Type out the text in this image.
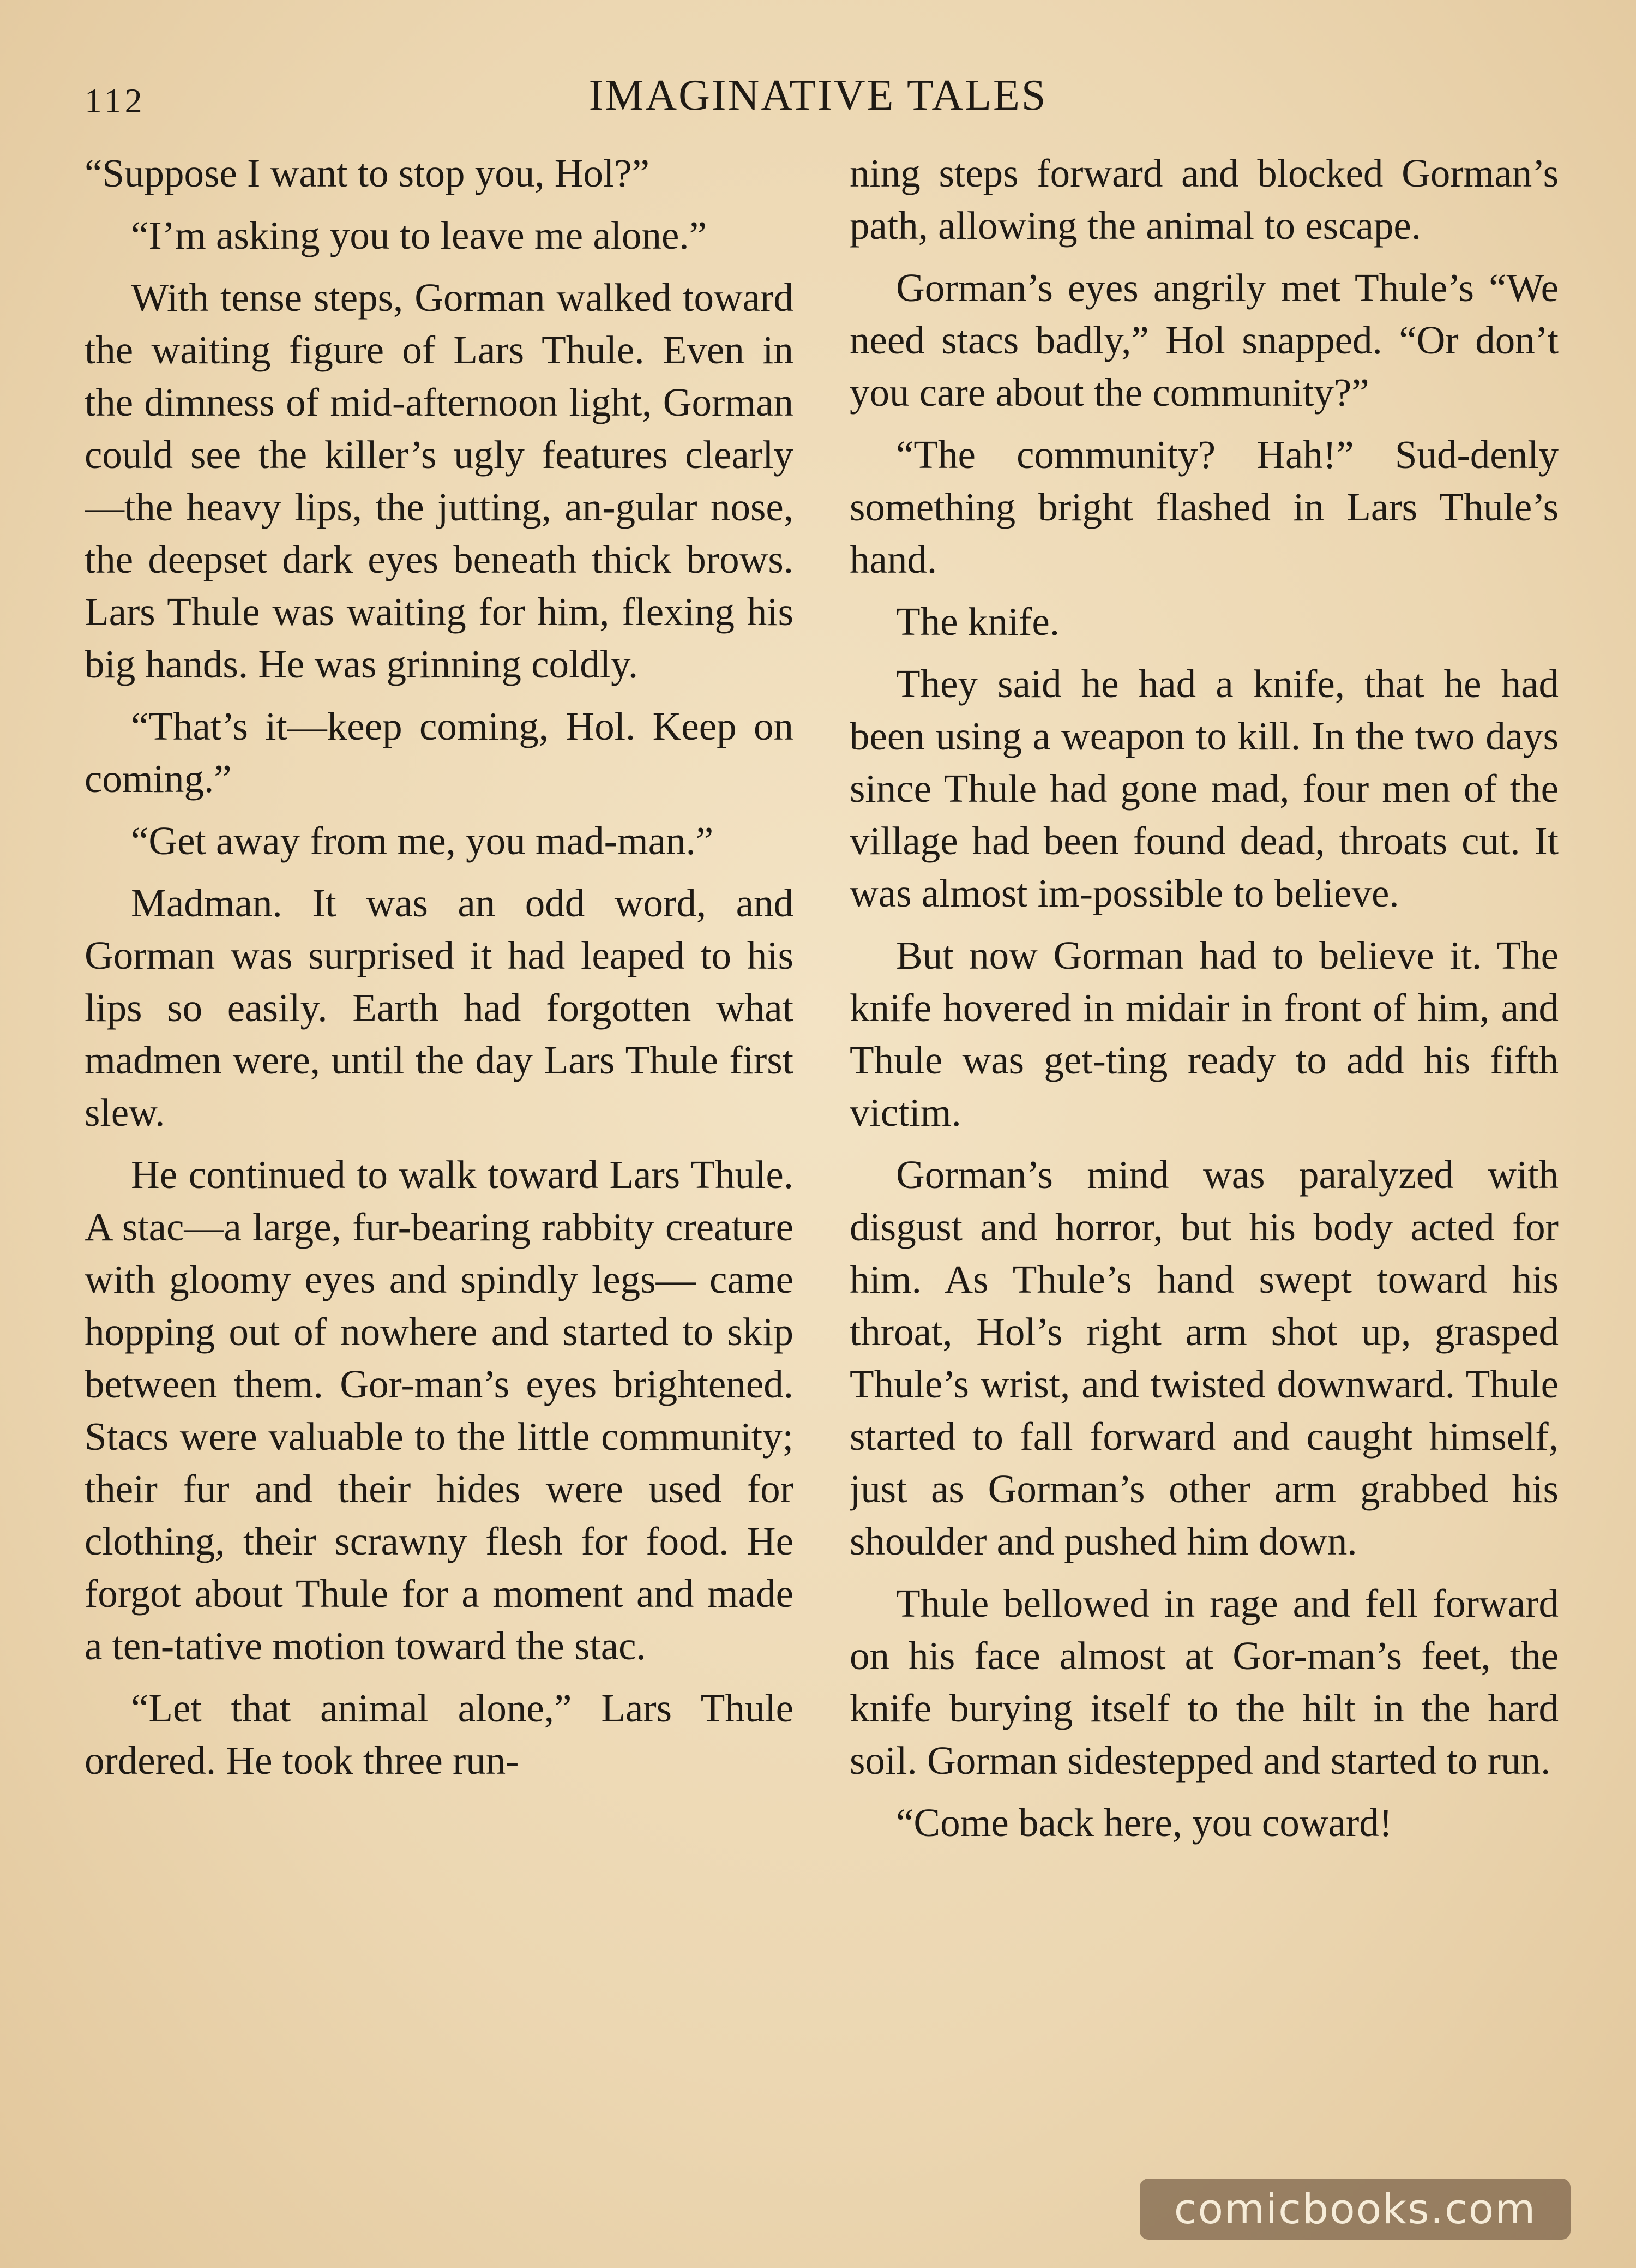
112	IMAGINATIVE TALES

“Suppose I want to stop you, Hol?”

“I’m asking you to leave me alone.”

With tense steps, Gorman walked toward the waiting figure of Lars Thule. Even in the dimness of mid-afternoon light, Gorman could see the killer’s ugly features clearly —the heavy lips, the jutting, an-gular nose, the deepset dark eyes beneath thick brows. Lars Thule was waiting for him, flexing his big hands. He was grinning coldly.

“That’s it—keep coming, Hol. Keep on coming.”

“Get away from me, you mad-man.”

Madman. It was an odd word, and Gorman was surprised it had leaped to his lips so easily. Earth had forgotten what madmen were, until the day Lars Thule first slew.

He continued to walk toward Lars Thule. A stac—a large, fur-bearing rabbity creature with gloomy eyes and spindly legs— came hopping out of nowhere and started to skip between them. Gor-man’s eyes brightened. Stacs were valuable to the little community; their fur and their hides were used for clothing, their scrawny flesh for food. He forgot about Thule for a moment and made a ten-tative motion toward the stac.

“Let that animal alone,” Lars Thule ordered. He took three run-

ning steps forward and blocked Gorman’s path, allowing the animal to escape.

Gorman’s eyes angrily met Thule’s “We need stacs badly,” Hol snapped. “Or don’t you care about the community?”

“The community? Hah!” Sud-denly something bright flashed in Lars Thule’s hand.

The knife.

They said he had a knife, that he had been using a weapon to kill. In the two days since Thule had gone mad, four men of the village had been found dead, throats cut. It was almost im-possible to believe.

But now Gorman had to believe it. The knife hovered in midair in front of him, and Thule was get-ting ready to add his fifth victim.

Gorman’s mind was paralyzed with disgust and horror, but his body acted for him. As Thule’s hand swept toward his throat, Hol’s right arm shot up, grasped Thule’s wrist, and twisted downward. Thule started to fall forward and caught himself, just as Gorman’s other arm grabbed his shoulder and pushed him down.

Thule bellowed in rage and fell forward on his face almost at Gor-man’s feet, the knife burying itself to the hilt in the hard soil. Gorman sidestepped and started to run.

“Come back here, you coward!

comicbooks.com
